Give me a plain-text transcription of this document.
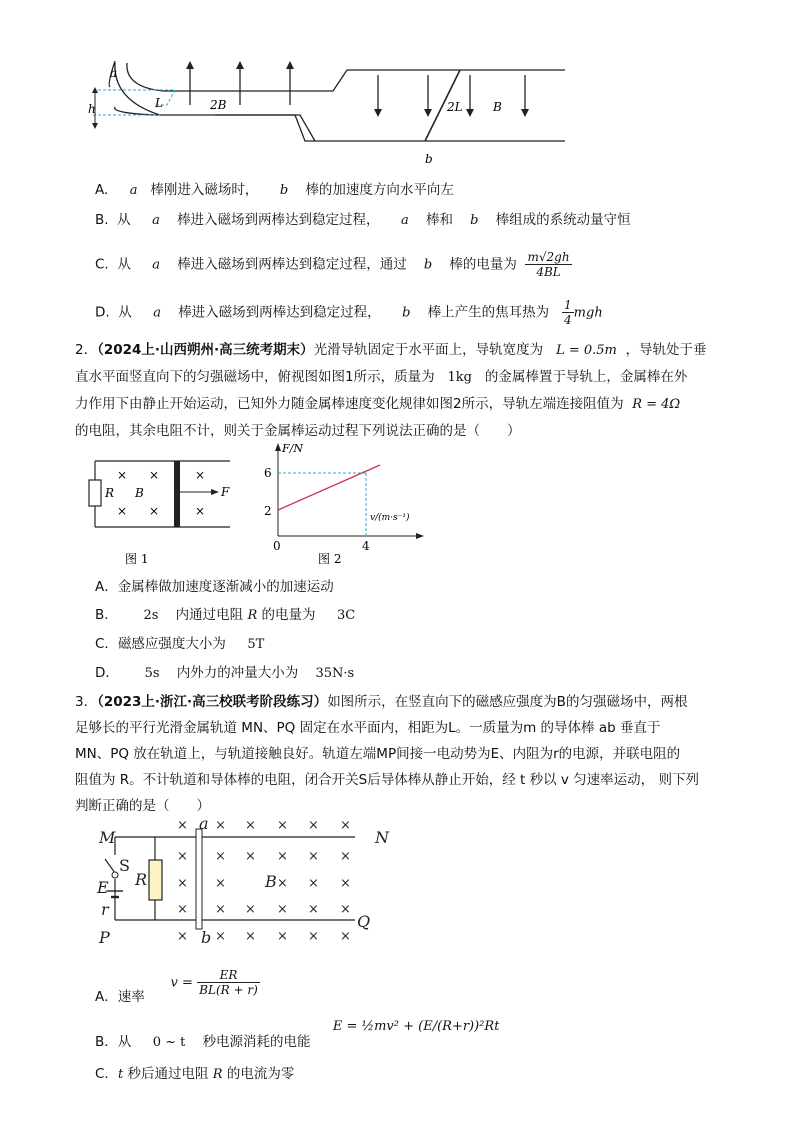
a
h	L	2B	2L	B
b
A. a 棒刚进入磁场时， b 棒的加速度方向水平向左
B. 从 a 棒进入磁场到两棒达到稳定过程， a 棒和 b 棒组成的系统动量守恒
C. 从 a 棒进入磁场到两棒达到稳定过程，通过 b 棒的电量为 $\frac{m√2gh}{4BL}$
D. 从 a 棒进入磁场到两棒达到稳定过程， b 棒上产生的焦耳热为 $\frac{1}{4}$ mgh
2．（2024上·山西朔州·高三统考期末）光滑导轨固定于水平面上，导轨宽度为 L = 0.5m ，导轨处于垂
直水平面竖直向下的匀强磁场中，俯视图如图1所示，质量为 1kg 的金属棒置于导轨上，金属棒在外
力作用下由静止开始运动，已知外力随金属棒速度变化规律如图2所示，导轨左端连接阻值为 R = 4Ω
的电阻，其余电阻不计，则关于金属棒运动过程下列说法正确的是（　　）
× ×	×
× ×	×
R B	F
图 1
F/N
v/(m·s⁻¹)
6
2
0	4
图 2
A．金属棒做加速度逐渐减小的加速运动
B． 2s 内通过电阻 R 的电量为 3C
C．磁感应强度大小为 5T
D． 5s 内外力的冲量大小为 35N·s
3．（2023上·浙江·高三校联考阶段练习）如图所示，在竖直向下的磁感应强度为B的匀强磁场中，两根
足够长的平行光滑金属轨道 MN、PQ 固定在水平面内，相距为L。一质量为m 的导体棒 ab 垂直于
MN、PQ 放在轨道上，与轨道接触良好。轨道左端MP间接一电动势为E、内阻为r的电源，并联电阻的
阻值为 R。不计轨道和导体棒的电阻，闭合开关S后导体棒从静止开始，经 t 秒以 v 匀速率运动， 则下列
判断正确的是（　　）
× × × × × ×
× × × × × ×
× ×	× × ×
× × × × × ×
× × × × × ×
M	N
P
Q
S
E
r
R	B
a
b
A．速率      $v = \frac{ER}{BL(R + r)}$
B．从 0 ~ t 秒电源消耗的电能 E = ½mv² + (E/(R+r))²Rt
C．t 秒后通过电阻 R 的电流为零
